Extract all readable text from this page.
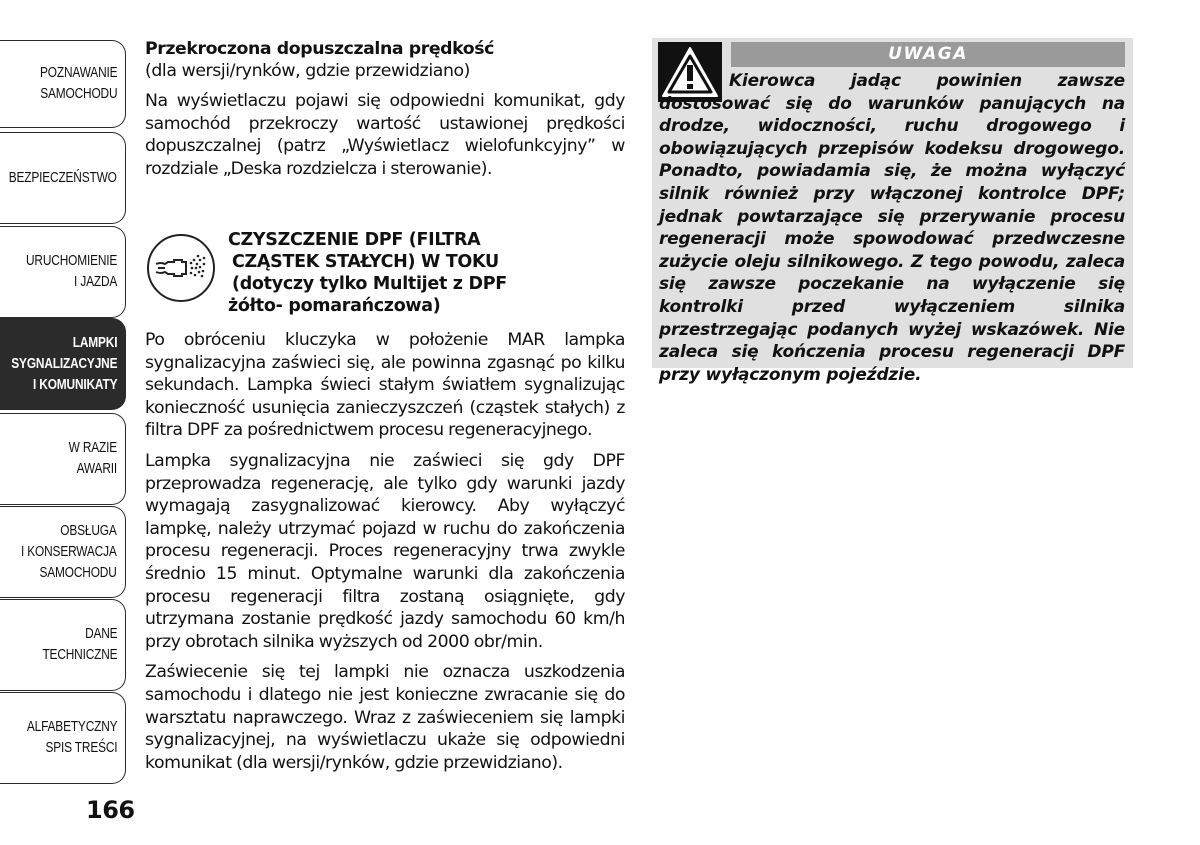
POZNAWANIE
SAMOCHODU
BEZPIECZEŃSTWO
URUCHOMIENIE
I JAZDA
LAMPKI
SYGNALIZACYJNE
I KOMUNIKATY
W RAZIE
AWARII
OBSŁUGA
I KONSERWACJA
SAMOCHODU
DANE
TECHNICZNE
ALFABETYCZNY
SPIS TREŚCI
166
Przekroczona dopuszczalna prędkość
(dla wersji/rynków, gdzie przewidziano)

Na wyświetlaczu pojawi się odpowiedni komunikat, gdy samochód przekroczy wartość ustawionej prędkości dopuszczalnej (patrz „Wyświetlacz wielofunkcyjny” w rozdziale „Deska rozdzielcza i sterowanie).

CZYSZCZENIE DPF (FILTRA
CZĄSTEK STAŁYCH) W TOKU
(dotyczy tylko Multijet z DPF
żółto- pomarańczowa)

Po obróceniu kluczyka w położenie MAR lampka sygnalizacyjna zaświeci się, ale powinna zgasnąć po kilku sekundach. Lampka świeci stałym światłem sygnalizując konieczność usunięcia zanieczyszczeń (cząstek stałych) z filtra DPF za pośrednictwem procesu regeneracyjnego.

Lampka sygnalizacyjna nie zaświeci się gdy DPF przeprowadza regenerację, ale tylko gdy warunki jazdy wymagają zasygnalizować kierowcy. Aby wyłączyć lampkę, należy utrzymać pojazd w ruchu do zakończenia procesu regeneracji. Proces regeneracyjny trwa zwykle średnio 15 minut. Optymalne warunki dla zakończenia procesu regeneracji filtra zostaną osiągnięte, gdy utrzymana zostanie prędkość jazdy samochodu 60 km/h przy obrotach silnika wyższych od 2000 obr/min.

Zaświecenie się tej lampki nie oznacza uszkodzenia samochodu i dlatego nie jest konieczne zwracanie się do warsztatu naprawczego. Wraz z zaświeceniem się lampki sygnalizacyjnej, na wyświetlaczu ukaże się odpowiedni komunikat (dla wersji/rynków, gdzie przewidziano).

UWAGA

Kierowca jadąc powinien zawsze dostosować się do warunków panujących na drodze, widoczności, ruchu drogowego i obowiązujących przepisów kodeksu drogowego. Ponadto, powiadamia się, że można wyłączyć silnik również przy włączonej kontrolce DPF; jednak powtarzające się przerywanie procesu regeneracji może spowodować przedwczesne zużycie oleju silnikowego. Z tego powodu, zaleca się zawsze poczekanie na wyłączenie się kontrolki przed wyłączeniem silnika przestrzegając podanych wyżej wskazówek. Nie zaleca się kończenia procesu regeneracji DPF przy wyłączonym pojeździe.
